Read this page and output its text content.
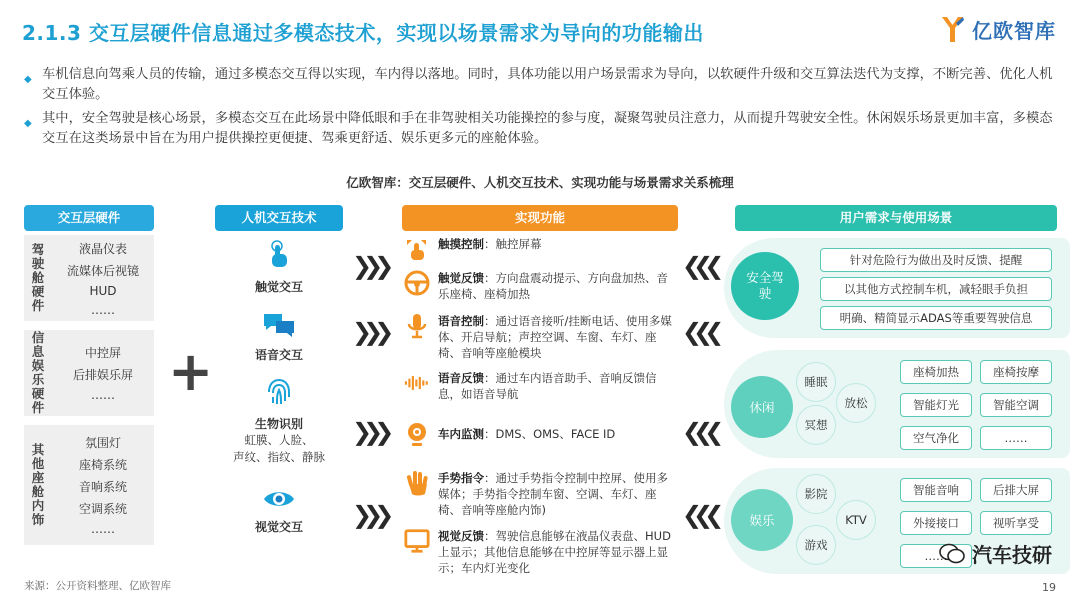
2.1.3 交互层硬件信息通过多模态技术，实现以场景需求为导向的功能输出	亿欧智库
◆ 车机信息向驾乘人员的传输，通过多模态交互得以实现，车内得以落地。同时，具体功能以用户场景需求为导向，以软硬件升级和交互算法迭代为支撑，不断完善、优化人机交互体验。
◆ 其中，安全驾驶是核心场景，多模态交互在此场景中降低眼和手在非驾驶相关功能操控的参与度，凝聚驾驶员注意力，从而提升驾驶安全性。休闲娱乐场景更加丰富，多模态交互在这类场景中旨在为用户提供操控更便捷、驾乘更舒适、娱乐更多元的座舱体验。
亿欧智库：交互层硬件、人机交互技术、实现功能与场景需求关系梳理
交互层硬件	人机交互技术	实现功能	用户需求与使用场景
驾驶舱硬件
液晶仪表
流媒体后视镜
HUD
……
信息娱乐硬件
中控屏
后排娱乐屏
……
其他座舱内饰
氛围灯
座椅系统
音响系统
空调系统
……
+
触觉交互
语音交互
生物识别
虹膜、人脸、
声纹、指纹、静脉
视觉交互
❯❯❯
❯❯❯
❯❯❯
❯❯❯
❮❮❮
❮❮❮
❮❮❮
❮❮❮
触摸控制：触控屏幕
触觉反馈：方向盘震动提示、方向盘加热、音乐座椅、座椅加热
语音控制：通过语音接听/挂断电话、使用多媒体、开启导航；声控空调、车窗、车灯、座椅、音响等座舱模块
语音反馈：通过车内语音助手、音响反馈信息，如语音导航
车内监测：DMS、OMS、FACE ID
手势指令：通过手势指令控制中控屏、使用多媒体；手势指令控制车窗、空调、车灯、座椅、音响等座舱内饰)
视觉反馈：驾驶信息能够在液晶仪表盘、HUD上显示；其他信息能够在中控屏等显示器上显示；车内灯光变化
安全驾驶
针对危险行为做出及时反馈、提醒
以其他方式控制车机，减轻眼手负担
明确、精简显示ADAS等重要驾驶信息
休闲
睡眠
放松
冥想
座椅加热	座椅按摩
智能灯光	智能空调
空气净化	……
娱乐
影院
KTV
游戏
智能音响	后排大屏
外接接口	视听享受
……	汽车技研
来源：公开资料整理、亿欧智库	19
